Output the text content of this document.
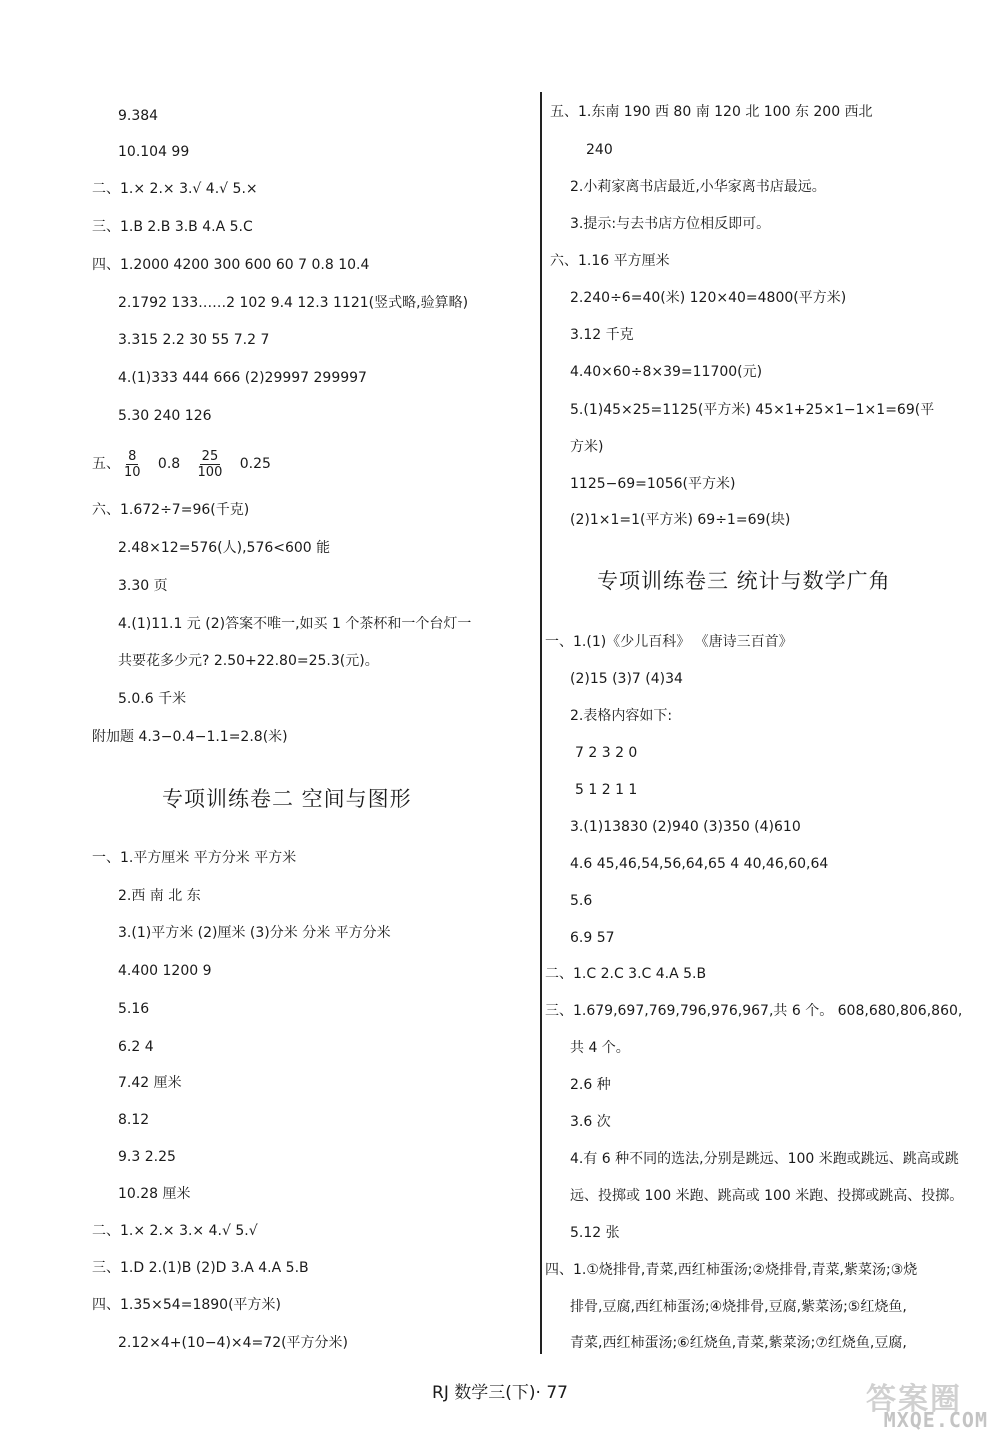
9.384
10.104 99
二、1.× 2.× 3.√ 4.√ 5.×
三、1.B 2.B 3.B 4.A 5.C
四、1.2000 4200 300 600 60 7 0.8 10.4
2.1792 133……2 102 9.4 12.3 1121(竖式略,验算略)
3.315 2.2 30 55 7.2 7
4.(1)333 444 666 (2)29997 299997
5.30 240 126
五、 $\frac{8}{10} 0.8 \frac{25}{100} 0.25$
六、1.672÷7=96(千克)
2.48×12=576(人),576<600 能
3.30 页
4.(1)11.1 元 (2)答案不唯一,如买 1 个茶杯和一个台灯一
共要花多少元? 2.50+22.80=25.3(元)。
5.0.6 千米
附加题 4.3−0.4−1.1=2.8(米)
专项训练卷二 空间与图形
一、1.平方厘米 平方分米 平方米
2.西 南 北 东
3.(1)平方米 (2)厘米 (3)分米 分米 平方分米
4.400 1200 9
5.16
6.2 4
7.42 厘米
8.12
9.3 2.25
10.28 厘米
二、1.× 2.× 3.× 4.√ 5.√
三、1.D 2.(1)B (2)D 3.A 4.A 5.B
四、1.35×54=1890(平方米)
2.12×4+(10−4)×4=72(平方分米)
五、1.东南 190 西 80 南 120 北 100 东 200 西北
240
2.小莉家离书店最近,小华家离书店最远。
3.提示:与去书店方位相反即可。
六、1.16 平方厘米
2.240÷6=40(米) 120×40=4800(平方米)
3.12 千克
4.40×60÷8×39=11700(元)
5.(1)45×25=1125(平方米) 45×1+25×1−1×1=69(平
方米)
1125−69=1056(平方米)
(2)1×1=1(平方米) 69÷1=69(块)
专项训练卷三 统计与数学广角
一、1.(1)《少儿百科》 《唐诗三百首》
(2)15 (3)7 (4)34
2.表格内容如下:
7 2 3 2 0
5 1 2 1 1
3.(1)13830 (2)940 (3)350 (4)610
4.6 45,46,54,56,64,65 4 40,46,60,64
5.6
6.9 57
二、1.C 2.C 3.C 4.A 5.B
三、1.679,697,769,796,976,967,共 6 个。 608,680,806,860,
共 4 个。
2.6 种
3.6 次
4.有 6 种不同的选法,分别是跳远、100 米跑或跳远、跳高或跳
远、投掷或 100 米跑、跳高或 100 米跑、投掷或跳高、投掷。
5.12 张
四、1.①烧排骨,青菜,西红柿蛋汤;②烧排骨,青菜,紫菜汤;③烧
排骨,豆腐,西红柿蛋汤;④烧排骨,豆腐,紫菜汤;⑤红烧鱼,
青菜,西红柿蛋汤;⑥红烧鱼,青菜,紫菜汤;⑦红烧鱼,豆腐,
RJ 数学三(下)· 77	答案圈
MXQE.COM
